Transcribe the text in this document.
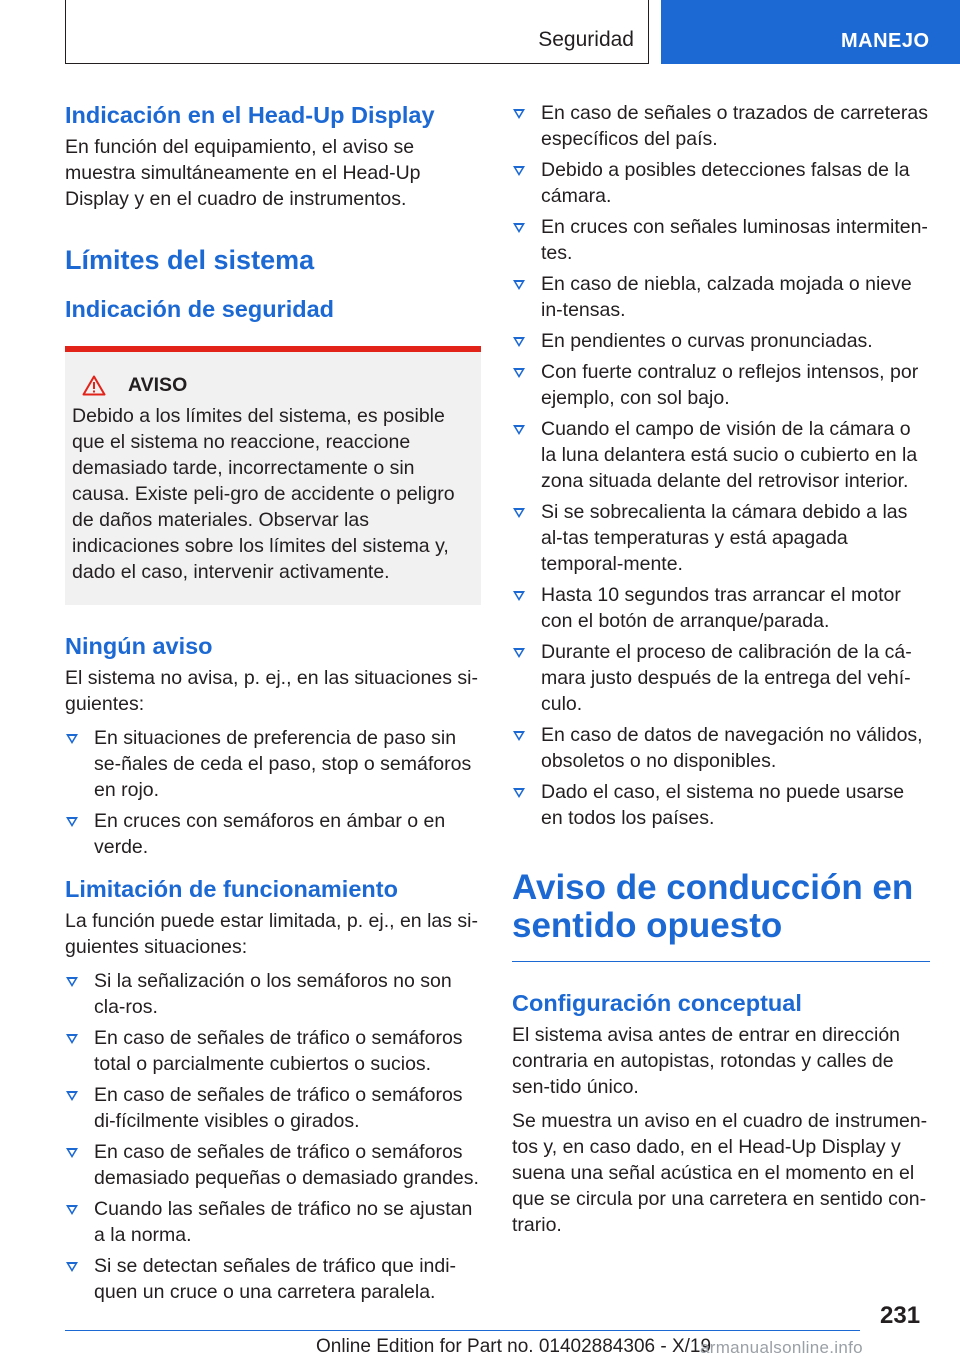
Seguridad	MANEJO
Indicación en el Head-Up Display

En función del equipamiento, el aviso se muestra simultáneamente en el Head-Up Display y en el cuadro de instrumentos.

Límites del sistema
Indicación de seguridad
AVISO

Debido a los límites del sistema, es posible que el sistema no reaccione, reaccione demasiado tarde, incorrectamente o sin causa. Existe peli-gro de accidente o peligro de daños materiales. Observar las indicaciones sobre los límites del sistema y, dado el caso, intervenir activamente.

Ningún aviso

El sistema no avisa, p. ej., en las situaciones si-guientes:

En situaciones de preferencia de paso sin se-ñales de ceda el paso, stop o semáforos en rojo.
En cruces con semáforos en ámbar o en verde.
Limitación de funcionamiento

La función puede estar limitada, p. ej., en las si-guientes situaciones:

Si la señalización o los semáforos no son cla-ros.
En caso de señales de tráfico o semáforos total o parcialmente cubiertos o sucios.
En caso de señales de tráfico o semáforos di-fícilmente visibles o girados.
En caso de señales de tráfico o semáforos demasiado pequeñas o demasiado grandes.
Cuando las señales de tráfico no se ajustan a la norma.
Si se detectan señales de tráfico que indi-quen un cruce o una carretera paralela.
En caso de señales o trazados de carreteras específicos del país.
Debido a posibles detecciones falsas de la cámara.
En cruces con señales luminosas intermiten-tes.
En caso de niebla, calzada mojada o nieve in-tensas.
En pendientes o curvas pronunciadas.
Con fuerte contraluz o reflejos intensos, por ejemplo, con sol bajo.
Cuando el campo de visión de la cámara o la luna delantera está sucio o cubierto en la zona situada delante del retrovisor interior.
Si se sobrecalienta la cámara debido a las al-tas temperaturas y está apagada temporal-mente.
Hasta 10 segundos tras arrancar el motor con el botón de arranque/parada.
Durante el proceso de calibración de la cá-mara justo después de la entrega del vehí-culo.
En caso de datos de navegación no válidos, obsoletos o no disponibles.
Dado el caso, el sistema no puede usarse en todos los países.
Aviso de conducción en sentido opuesto
Configuración conceptual

El sistema avisa antes de entrar en dirección contraria en autopistas, rotondas y calles de sen-tido único.

Se muestra un aviso en el cuadro de instrumen-tos y, en caso dado, en el Head-Up Display y suena una señal acústica en el momento en el que se circula por una carretera en sentido con-trario.

231
Online Edition for Part no. 01402884306 - X/19
armanualsonline.info
